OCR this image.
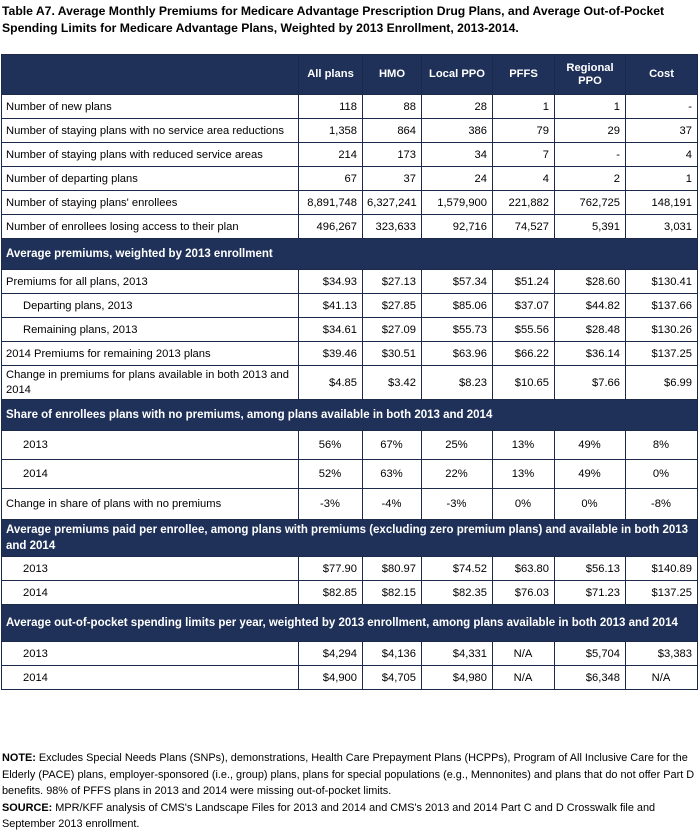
Table A7. Average Monthly Premiums for Medicare Advantage Prescription Drug Plans, and Average Out-of-Pocket Spending Limits for Medicare Advantage Plans, Weighted by 2013 Enrollment, 2013-2014.
	All plans	HMO	Local PPO	PFFS	Regional PPO	Cost
Number of new plans	118	88	28	1	1	-
Number of staying plans with no service area reductions	1,358	864	386	79	29	37
Number of staying plans with reduced service areas	214	173	34	7	-	4
Number of departing plans	67	37	24	4	2	1
Number of staying plans' enrollees	8,891,748	6,327,241	1,579,900	221,882	762,725	148,191
Number of enrollees losing access to their plan	496,267	323,633	92,716	74,527	5,391	3,031
Average premiums, weighted by 2013 enrollment						
Premiums for all plans, 2013	$34.93	$27.13	$57.34	$51.24	$28.60	$130.41
Departing plans, 2013	$41.13	$27.85	$85.06	$37.07	$44.82	$137.66
Remaining plans, 2013	$34.61	$27.09	$55.73	$55.56	$28.48	$130.26
2014 Premiums for remaining 2013 plans	$39.46	$30.51	$63.96	$66.22	$36.14	$137.25
Change in premiums for plans available in both 2013 and 2014	$4.85	$3.42	$8.23	$10.65	$7.66	$6.99
Share of enrollees plans with no premiums, among plans available in both 2013 and 2014						
2013	56%	67%	25%	13%	49%	8%
2014	52%	63%	22%	13%	49%	0%
Change in share of plans with no premiums	-3%	-4%	-3%	0%	0%	-8%
Average premiums paid per enrollee, among plans with premiums (excluding zero premium plans) and available in both 2013 and 2014						
2013	$77.90	$80.97	$74.52	$63.80	$56.13	$140.89
2014	$82.85	$82.15	$82.35	$76.03	$71.23	$137.25
Average out-of-pocket spending limits per year, weighted by 2013 enrollment, among plans available in both 2013 and 2014						
2013	$4,294	$4,136	$4,331	N/A	$5,704	$3,383
2014	$4,900	$4,705	$4,980	N/A	$6,348	N/A
NOTE: Excludes Special Needs Plans (SNPs), demonstrations, Health Care Prepayment Plans (HCPPs), Program of All Inclusive Care for the Elderly (PACE) plans, employer-sponsored (i.e., group) plans, plans for special populations (e.g., Mennonites) and plans that do not offer Part D benefits. 98% of PFFS plans in 2013 and 2014 were missing out-of-pocket limits.
SOURCE: MPR/KFF analysis of CMS's Landscape Files for 2013 and 2014 and CMS's 2013 and 2014 Part C and D Crosswalk file and September 2013 enrollment.
